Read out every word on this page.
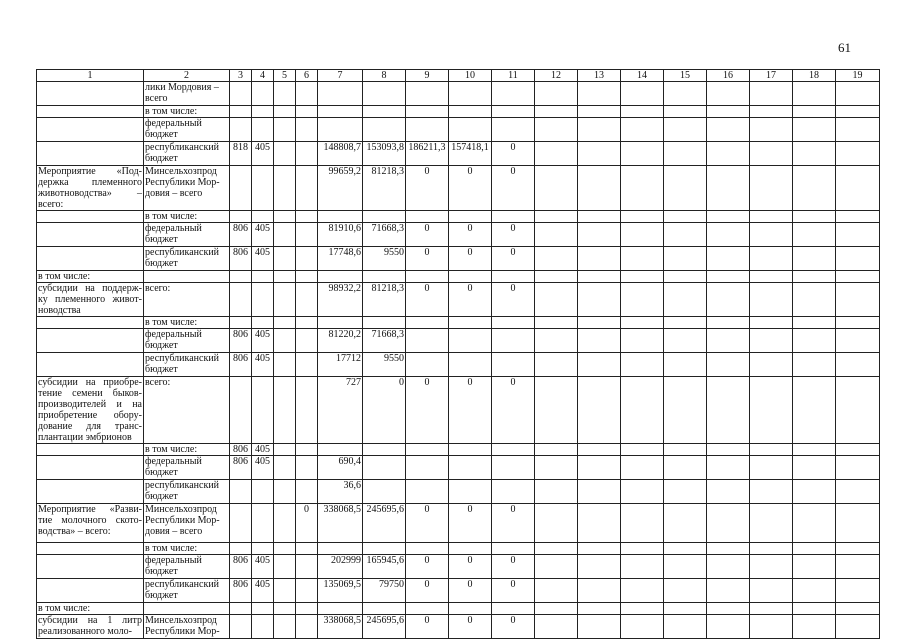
61
1	2	3	4	5	6	7	8	9	10	11	12	13	14	15	16	17	18	19
	лики Мордовия – всего																	
	в том числе:																	
	федеральный бюджет																	
	республиканский бюджет	818	405			148808,7	153093,8	186211,3	157418,1	0								
Мероприятие «Под-держка племенного животноводства» – всего:	Минсельхозпрод Республики Мор-довия – всего					99659,2	81218,3	0	0	0								
	в том числе:																	
	федеральный бюджет	806	405			81910,6	71668,3	0	0	0								
	республиканский бюджет	806	405			17748,6	9550	0	0	0								
в том числе:																		
субсидии на поддерж-ку племенного живот-новодства	всего:					98932,2	81218,3	0	0	0								
	в том числе:																	
	федеральный бюджет	806	405			81220,2	71668,3											
	республиканский бюджет	806	405			17712	9550											
субсидии на приобре-тение семени быков-производителей и на приобретение обору-дование для транс-плантации эмбрионов	всего:					727	0	0	0	0								
	в том числе:	806	405															
	федеральный бюджет	806	405			690,4												
	республиканский бюджет					36,6												
Мероприятие «Разви-тие молочного ското-водства» – всего:	Минсельхозпрод Республики Мор-довия – всего				0	338068,5	245695,6	0	0	0								
	в том числе:																	
	федеральный бюджет	806	405			202999	165945,6	0	0	0								
	республиканский бюджет	806	405			135069,5	79750	0	0	0								
в том числе:																		
субсидии на 1 литр реализованного моло-	Минсельхозпрод Республики Мор-					338068,5	245695,6	0	0	0								
